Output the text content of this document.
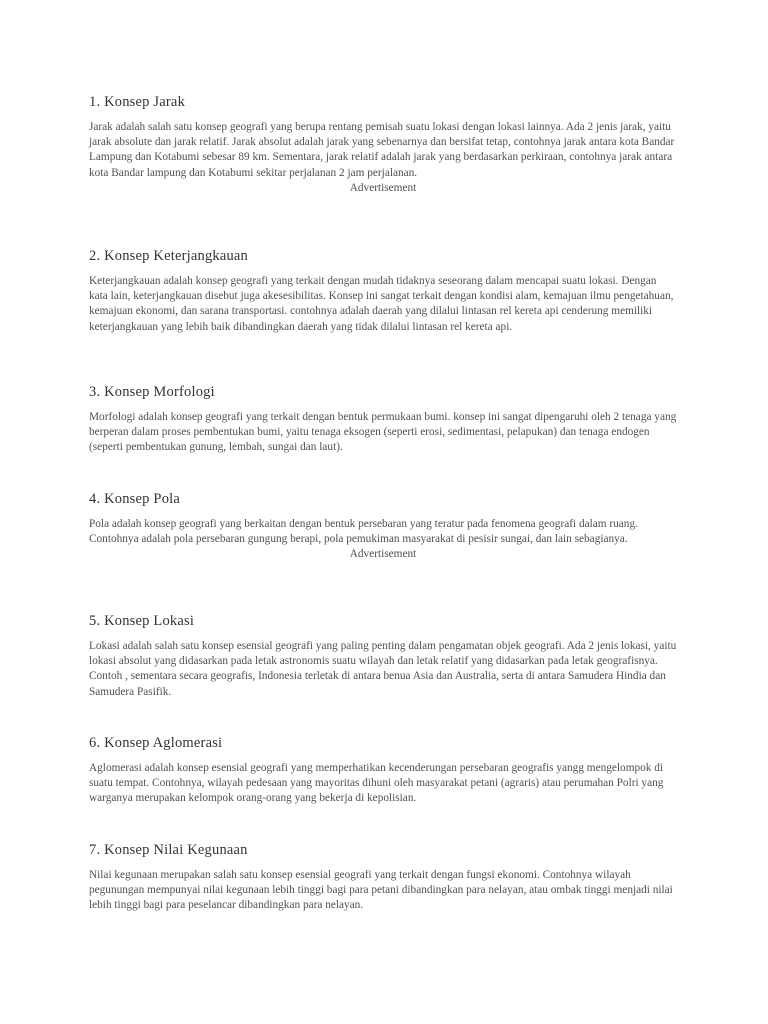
1. Konsep Jarak

Jarak adalah salah satu konsep geografi yang berupa rentang pemisah suatu lokasi dengan lokasi lainnya. Ada 2 jenis jarak, yaitu jarak absolute dan jarak relatif. Jarak absolut adalah jarak yang sebenarnya dan bersifat tetap, contohnya jarak antara kota Bandar Lampung dan Kotabumi sebesar 89 km. Sementara, jarak relatif adalah jarak yang berdasarkan perkiraan, contohnya jarak antara kota Bandar lampung dan Kotabumi sekitar perjalanan 2 jam perjalanan.

Advertisement

2. Konsep Keterjangkauan

Keterjangkauan adalah konsep geografi yang terkait dengan mudah tidaknya seseorang dalam mencapai suatu lokasi. Dengan kata lain, keterjangkauan disebut juga akesesibilitas. Konsep ini sangat terkait dengan kondisi alam, kemajuan ilmu pengetahuan, kemajuan ekonomi, dan sarana transportasi. contohnya adalah daerah yang dilalui lintasan rel kereta api cenderung memiliki keterjangkauan yang lebih baik dibandingkan daerah yang tidak dilalui lintasan rel kereta api.

3. Konsep Morfologi

Morfologi adalah konsep geografi yang terkait dengan bentuk permukaan bumi. konsep ini sangat dipengaruhi oleh 2 tenaga yang berperan dalam proses pembentukan bumi, yaitu tenaga eksogen (seperti erosi, sedimentasi, pelapukan) dan tenaga endogen (seperti pembentukan gunung, lembah, sungai dan laut).

4. Konsep Pola

Pola adalah konsep geografi yang berkaitan dengan bentuk persebaran yang teratur pada fenomena geografi dalam ruang. Contohnya adalah pola persebaran gungung berapi, pola pemukiman masyarakat di pesisir sungai, dan lain sebagianya.

Advertisement

5. Konsep Lokasi

Lokasi adalah salah satu konsep esensial geografi yang paling penting dalam pengamatan objek geografi. Ada 2 jenis lokasi, yaitu lokasi absolut yang didasarkan pada letak astronomis suatu wilayah dan letak relatif yang didasarkan pada letak geografisnya. Contoh , sementara secara geografis, Indonesia terletak di antara benua Asia dan Australia, serta di antara Samudera Hindia dan Samudera Pasifik.

6. Konsep Aglomerasi

Aglomerasi adalah konsep esensial geografi yang memperhatikan kecenderungan persebaran geografis yangg mengelompok di suatu tempat. Contohnya, wilayah pedesaan yang mayoritas dihuni oleh masyarakat petani (agraris) atau perumahan Polri yang warganya merupakan kelompok orang-orang yang bekerja di kepolisian.

7. Konsep Nilai Kegunaan

Nilai kegunaan merupakan salah satu konsep esensial geografi yang terkait dengan fungsi ekonomi. Contohnya wilayah pegunungan mempunyai nilai kegunaan lebih tinggi bagi para petani dibandingkan para nelayan, atau ombak tinggi menjadi nilai lebih tinggi bagi para peselancar dibandingkan para nelayan.
